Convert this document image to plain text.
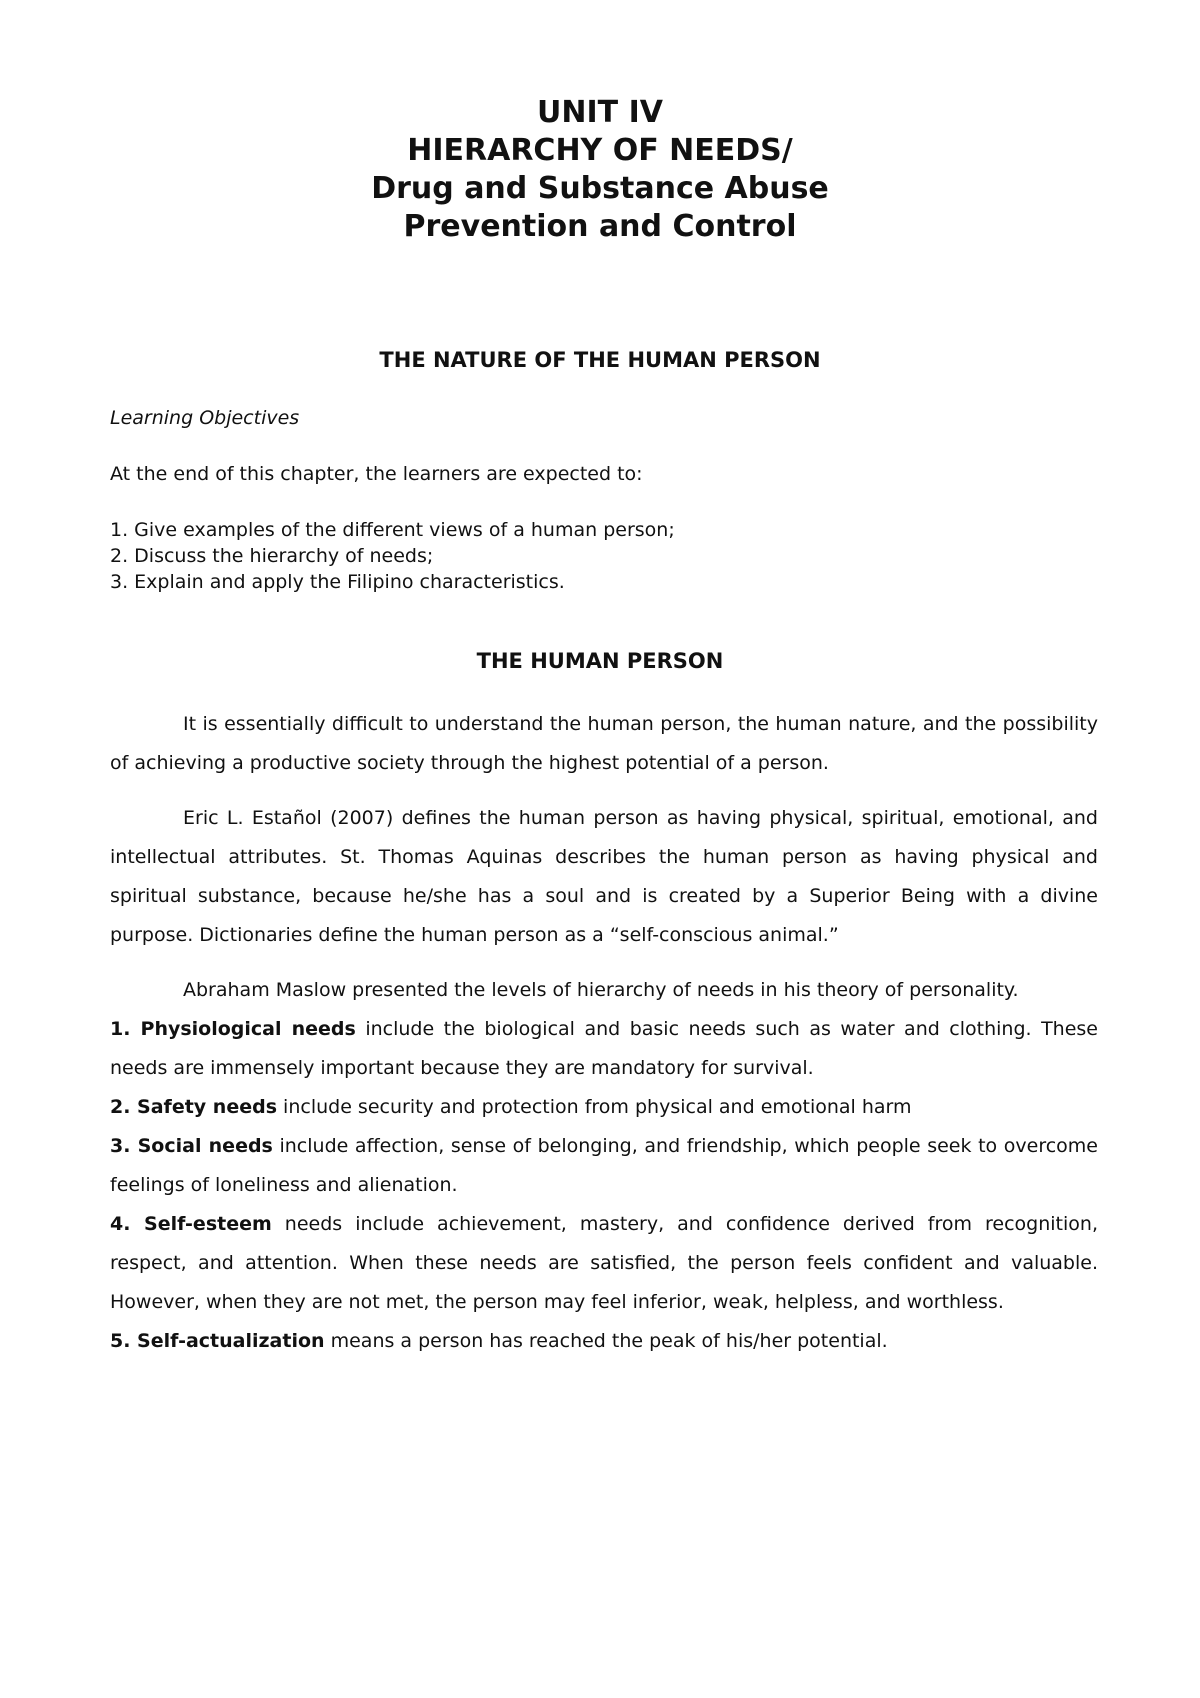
UNIT IV
HIERARCHY OF NEEDS/
Drug and Substance Abuse
Prevention and Control
THE NATURE OF THE HUMAN PERSON
Learning Objectives
At the end of this chapter, the learners are expected to:
1. Give examples of the different views of a human person;
2. Discuss the hierarchy of needs;
3. Explain and apply the Filipino characteristics.
THE HUMAN PERSON

It is essentially difficult to understand the human person, the human nature, and the possibility of achieving a productive society through the highest potential of a person.

Eric L. Estañol (2007) defines the human person as having physical, spiritual, emotional, and intellectual attributes. St. Thomas Aquinas describes the human person as having physical and spiritual substance, because he/she has a soul and is created by a Superior Being with a divine purpose. Dictionaries define the human person as a “self-conscious animal.”

Abraham Maslow presented the levels of hierarchy of needs in his theory of personality.

1. Physiological needs include the biological and basic needs such as water and clothing. These needs are immensely important because they are mandatory for survival.

2. Safety needs include security and protection from physical and emotional harm

3. Social needs include affection, sense of belonging, and friendship, which people seek to overcome feelings of loneliness and alienation.

4. Self-esteem needs include achievement, mastery, and confidence derived from recognition, respect, and attention. When these needs are satisfied, the person feels confident and valuable. However, when they are not met, the person may feel inferior, weak, helpless, and worthless.

5. Self-actualization means a person has reached the peak of his/her potential.
